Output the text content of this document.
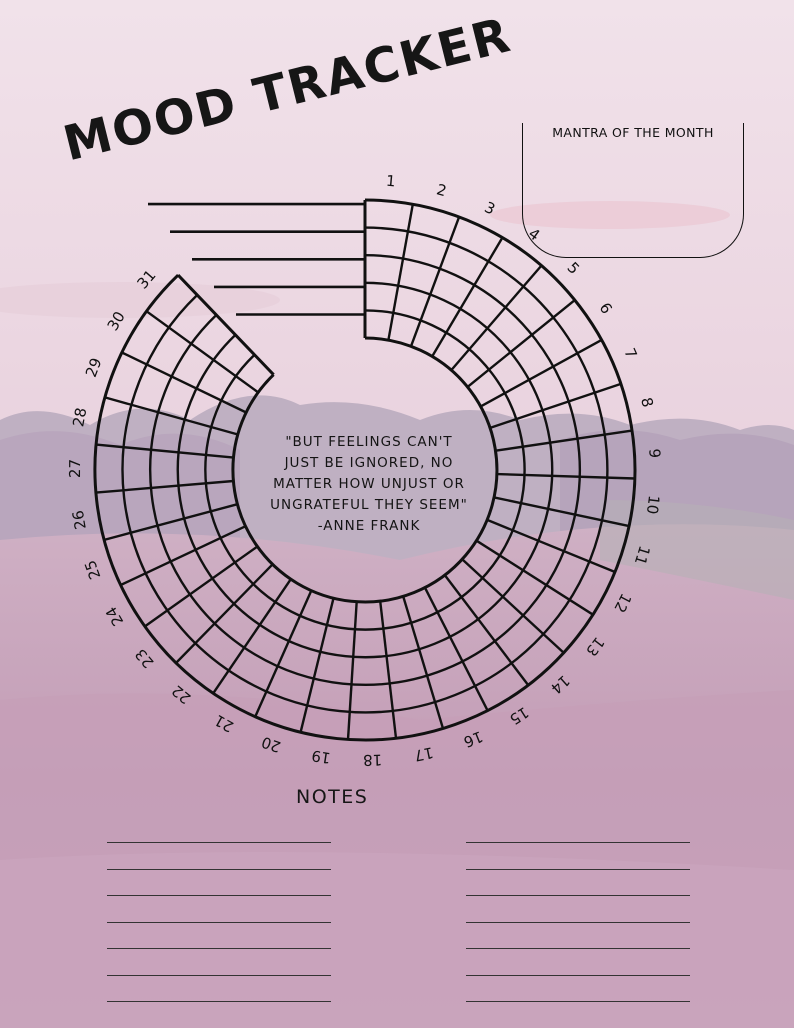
MOOD TRACKER	MANTRA OF THE MONTH
1	2
3
4
5
6
7
8
9
10
11
12
13
14
15
16
17
18
19
20
21
22
23
24
25
26
27
28
29
30
31
"BUT FEELINGS CAN'T
JUST BE IGNORED, NO
MATTER HOW UNJUST OR
UNGRATEFUL THEY SEEM"
-ANNE FRANK
NOTES
